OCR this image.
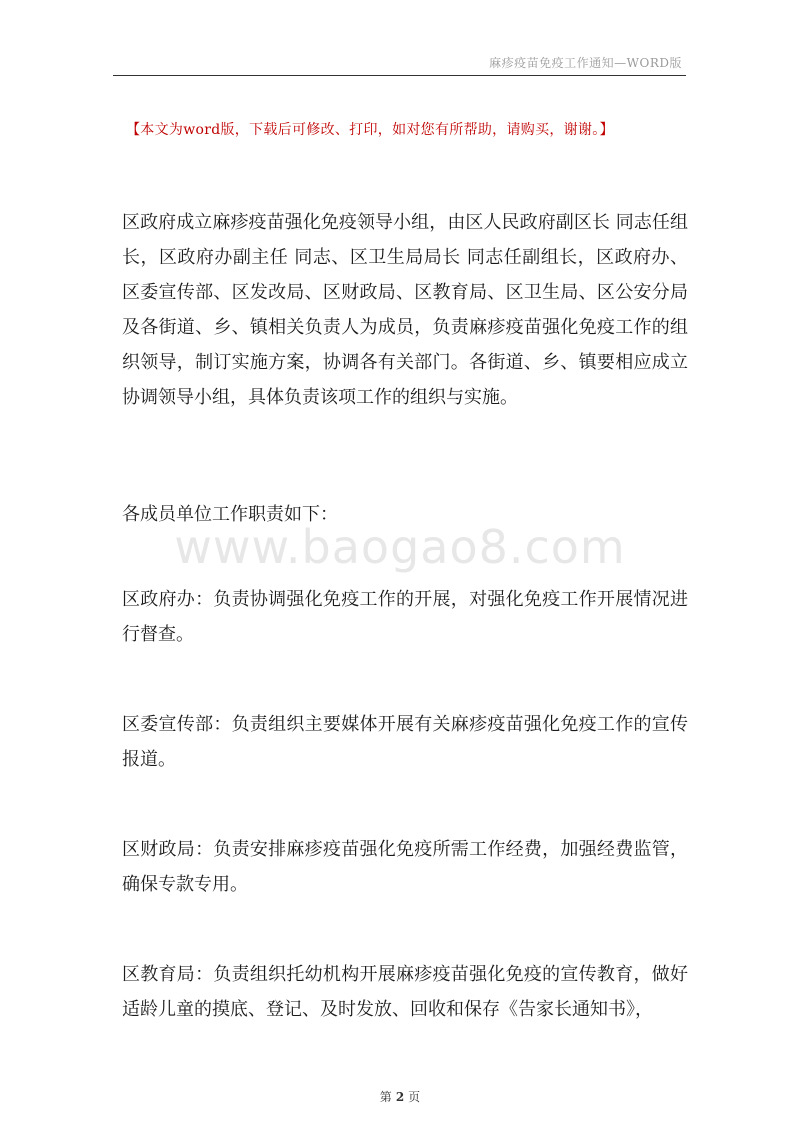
麻疹疫苗免疫工作通知—WORD版
【本文为word版，下载后可修改、打印，如对您有所帮助，请购买，谢谢。】

区政府成立麻疹疫苗强化免疫领导小组，由区人民政府副区长 同志任组长，区政府办副主任 同志、区卫生局局长 同志任副组长，区政府办、区委宣传部、区发改局、区财政局、区教育局、区卫生局、区公安分局及各街道、乡、镇相关负责人为成员，负责麻疹疫苗强化免疫工作的组织领导，制订实施方案，协调各有关部门。各街道、乡、镇要相应成立协调领导小组，具体负责该项工作的组织与实施。

各成员单位工作职责如下：

www.baogao8.com

区政府办：负责协调强化免疫工作的开展，对强化免疫工作开展情况进行督查。

区委宣传部：负责组织主要媒体开展有关麻疹疫苗强化免疫工作的宣传报道。

区财政局：负责安排麻疹疫苗强化免疫所需工作经费，加强经费监管，确保专款专用。

区教育局：负责组织托幼机构开展麻疹疫苗强化免疫的宣传教育，做好适龄儿童的摸底、登记、及时发放、回收和保存《告家长通知书》，

第 2 页
